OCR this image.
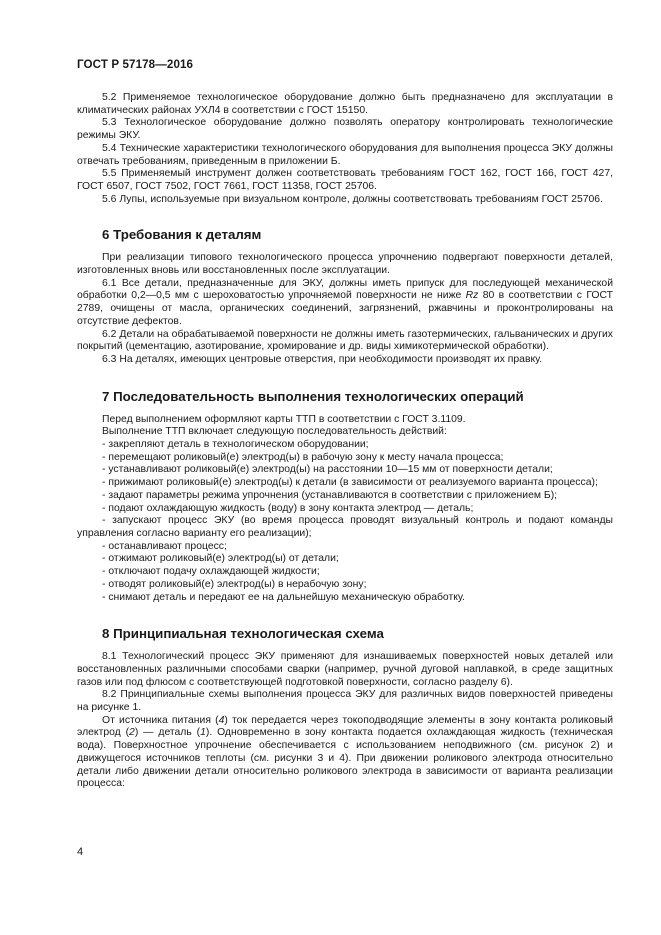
ГОСТ Р 57178—2016

5.2 Применяемое технологическое оборудование должно быть предназначено для эксплуатации в климатических районах УХЛ4 в соответствии с ГОСТ 15150.

5.3 Технологическое оборудование должно позволять оператору контролировать технологические режимы ЭКУ.

5.4 Технические характеристики технологического оборудования для выполнения процесса ЭКУ должны отвечать требованиям, приведенным в приложении Б.

5.5 Применяемый инструмент должен соответствовать требованиям ГОСТ 162, ГОСТ 166, ГОСТ 427, ГОСТ 6507, ГОСТ 7502, ГОСТ 7661, ГОСТ 11358, ГОСТ 25706.

5.6 Лупы, используемые при визуальном контроле, должны соответствовать требованиям ГОСТ 25706.

6 Требования к деталям

При реализации типового технологического процесса упрочнению подвергают поверхности деталей, изготовленных вновь или восстановленных после эксплуатации.

6.1 Все детали, предназначенные для ЭКУ, должны иметь припуск для последующей механической обработки 0,2—0,5 мм с шероховатостью упрочняемой поверхности не ниже Rz 80 в соответствии с ГОСТ 2789, очищены от масла, органических соединений, загрязнений, ржавчины и проконтролированы на отсутствие дефектов.

6.2 Детали на обрабатываемой поверхности не должны иметь газотермических, гальванических и других покрытий (цементацию, азотирование, хромирование и др. виды химикотермической обработки).

6.3 На деталях, имеющих центровые отверстия, при необходимости производят их правку.

7 Последовательность выполнения технологических операций

Перед выполнением оформляют карты ТТП в соответствии с ГОСТ 3.1109.

Выполнение ТТП включает следующую последовательность действий:

- закрепляют деталь в технологическом оборудовании;

- перемещают роликовый(е) электрод(ы) в рабочую зону к месту начала процесса;

- устанавливают роликовый(е) электрод(ы) на расстоянии 10—15 мм от поверхности детали;

- прижимают роликовый(е) электрод(ы) к детали (в зависимости от реализуемого варианта процесса);

- задают параметры режима упрочнения (устанавливаются в соответствии с приложением Б);

- подают охлаждающую жидкость (воду) в зону контакта электрод — деталь;

- запускают процесс ЭКУ (во время процесса проводят визуальный контроль и подают команды управления согласно варианту его реализации);

- останавливают процесс;

- отжимают роликовый(е) электрод(ы) от детали;

- отключают подачу охлаждающей жидкости;

- отводят роликовый(е) электрод(ы) в нерабочую зону;

- снимают деталь и передают ее на дальнейшую механическую обработку.

8 Принципиальная технологическая схема

8.1 Технологический процесс ЭКУ применяют для изнашиваемых поверхностей новых деталей или восстановленных различными способами сварки (например, ручной дуговой наплавкой, в среде защитных газов или под флюсом с соответствующей подготовкой поверхности, согласно разделу 6).

8.2 Принципиальные схемы выполнения процесса ЭКУ для различных видов поверхностей приведены на рисунке 1.

От источника питания (4) ток передается через токоподводящие элементы в зону контакта роликовый электрод (2) — деталь (1). Одновременно в зону контакта подается охлаждающая жидкость (техническая вода). Поверхностное упрочнение обеспечивается с использованием неподвижного (см. рисунок 2) и движущегося источников теплоты (см. рисунки 3 и 4). При движении роликового электрода относительно детали либо движении детали относительно роликового электрода в зависимости от варианта реализации процесса:

4
